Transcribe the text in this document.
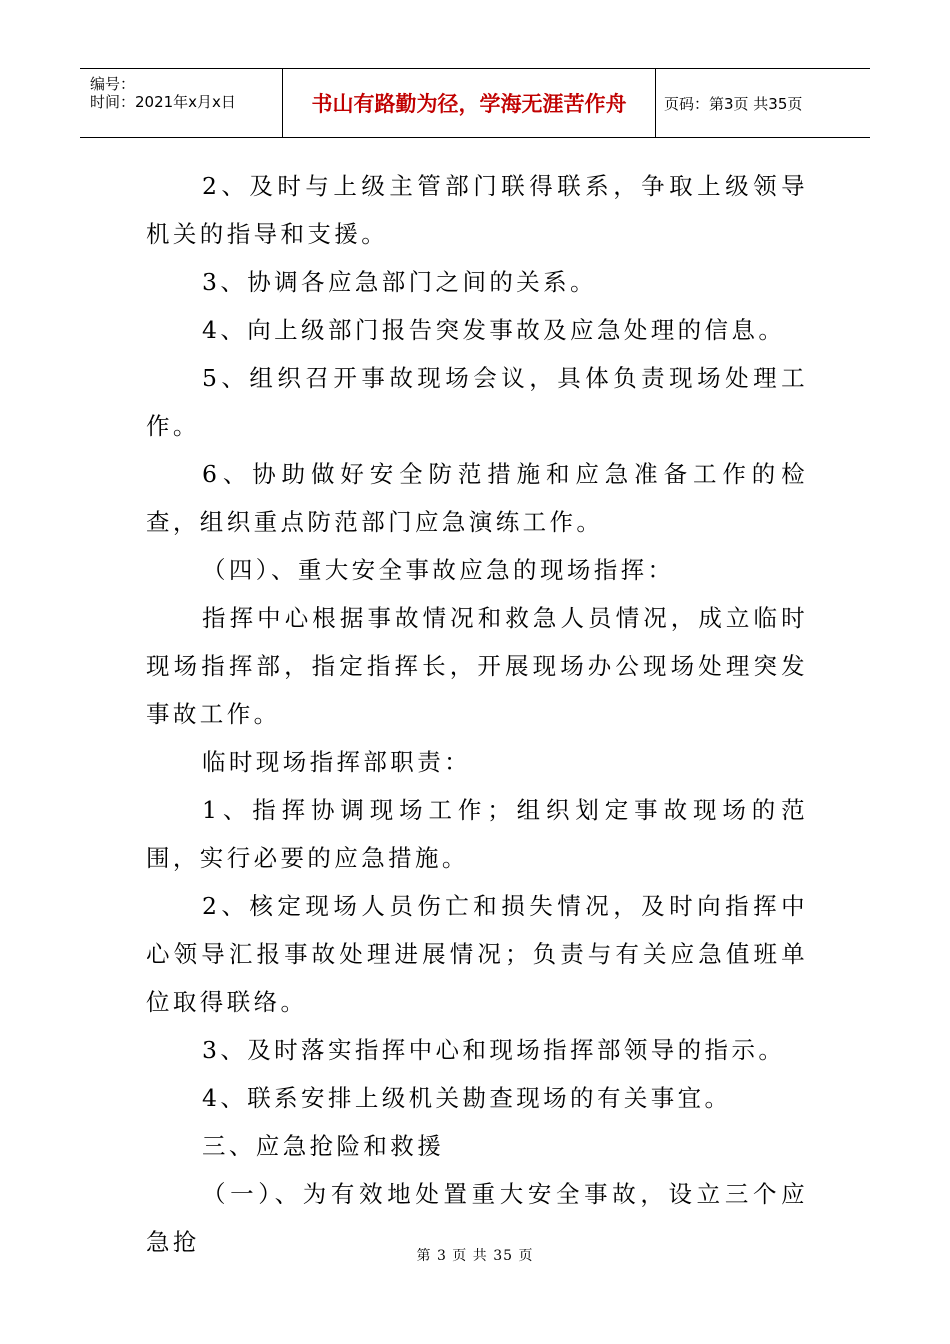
编号：
时间：2021年x月x日	书山有路勤为径，学海无涯苦作舟	页码：第3页 共35页

2、及时与上级主管部门联得联系，争取上级领导机关的指导和支援。

3、协调各应急部门之间的关系。

4、向上级部门报告突发事故及应急处理的信息。

5、组织召开事故现场会议，具体负责现场处理工作。

6、协助做好安全防范措施和应急准备工作的检查，组织重点防范部门应急演练工作。

（四）、重大安全事故应急的现场指挥：

指挥中心根据事故情况和救急人员情况，成立临时现场指挥部，指定指挥长，开展现场办公现场处理突发事故工作。

临时现场指挥部职责：

1、指挥协调现场工作；组织划定事故现场的范围，实行必要的应急措施。

2、核定现场人员伤亡和损失情况，及时向指挥中心领导汇报事故处理进展情况；负责与有关应急值班单位取得联络。

3、及时落实指挥中心和现场指挥部领导的指示。

4、联系安排上级机关勘查现场的有关事宜。

三、应急抢险和救援

（一）、为有效地处置重大安全事故，设立三个应急抢	第 3 页 共 35 页
